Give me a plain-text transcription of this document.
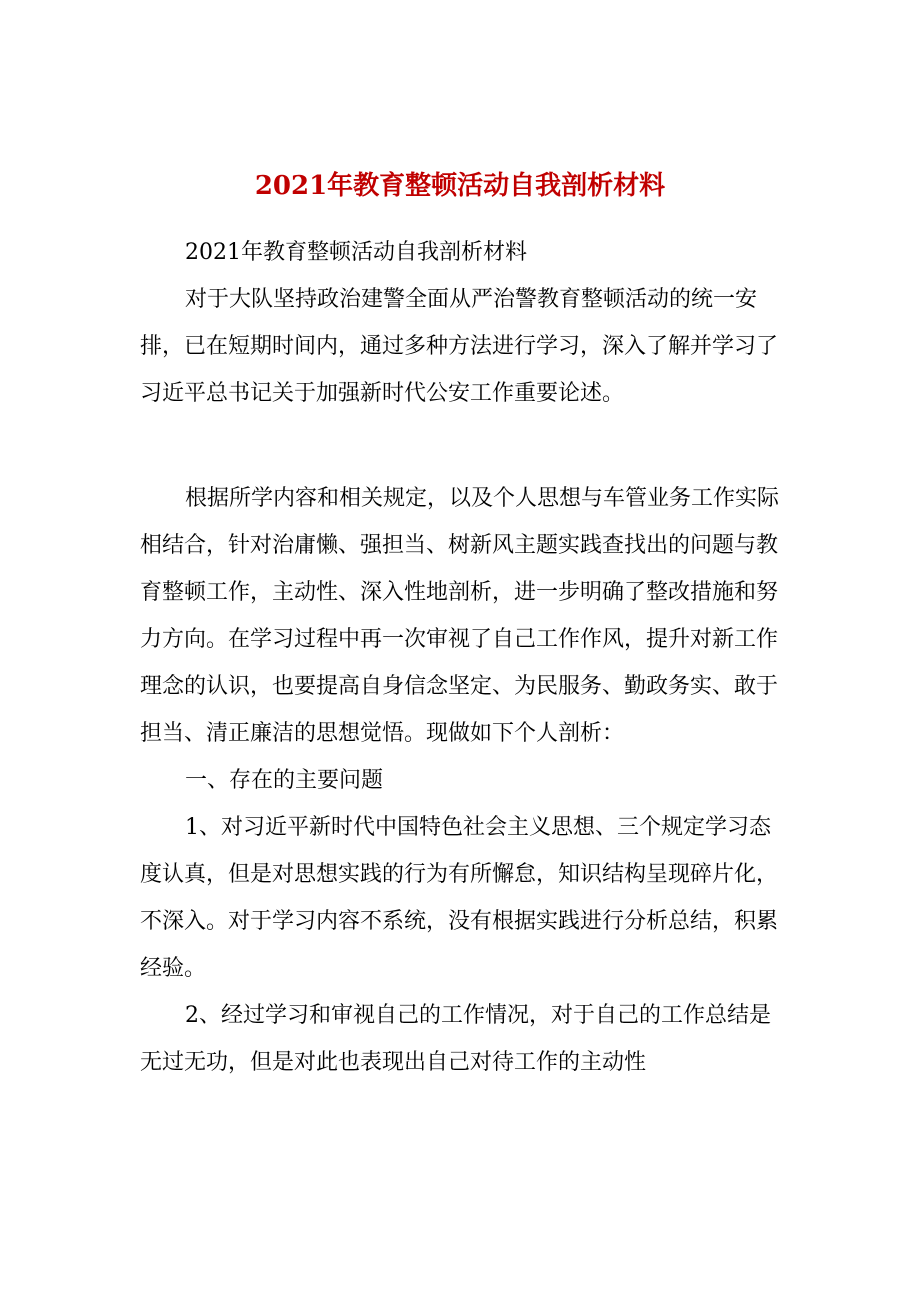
2021年教育整顿活动自我剖析材料

2021年教育整顿活动自我剖析材料

对于大队坚持政治建警全面从严治警教育整顿活动的统一安排，已在短期时间内，通过多种方法进行学习，深入了解并学习了习近平总书记关于加强新时代公安工作重要论述。

根据所学内容和相关规定，以及个人思想与车管业务工作实际相结合，针对治庸懒、强担当、树新风主题实践查找出的问题与教育整顿工作，主动性、深入性地剖析，进一步明确了整改措施和努力方向。在学习过程中再一次审视了自己工作作风，提升对新工作理念的认识，也要提高自身信念坚定、为民服务、勤政务实、敢于担当、清正廉洁的思想觉悟。现做如下个人剖析：

一、存在的主要问题

1、对习近平新时代中国特色社会主义思想、三个规定学习态度认真，但是对思想实践的行为有所懈怠，知识结构呈现碎片化，不深入。对于学习内容不系统，没有根据实践进行分析总结，积累经验。

2、经过学习和审视自己的工作情况，对于自己的工作总结是无过无功，但是对此也表现出自己对待工作的主动性
